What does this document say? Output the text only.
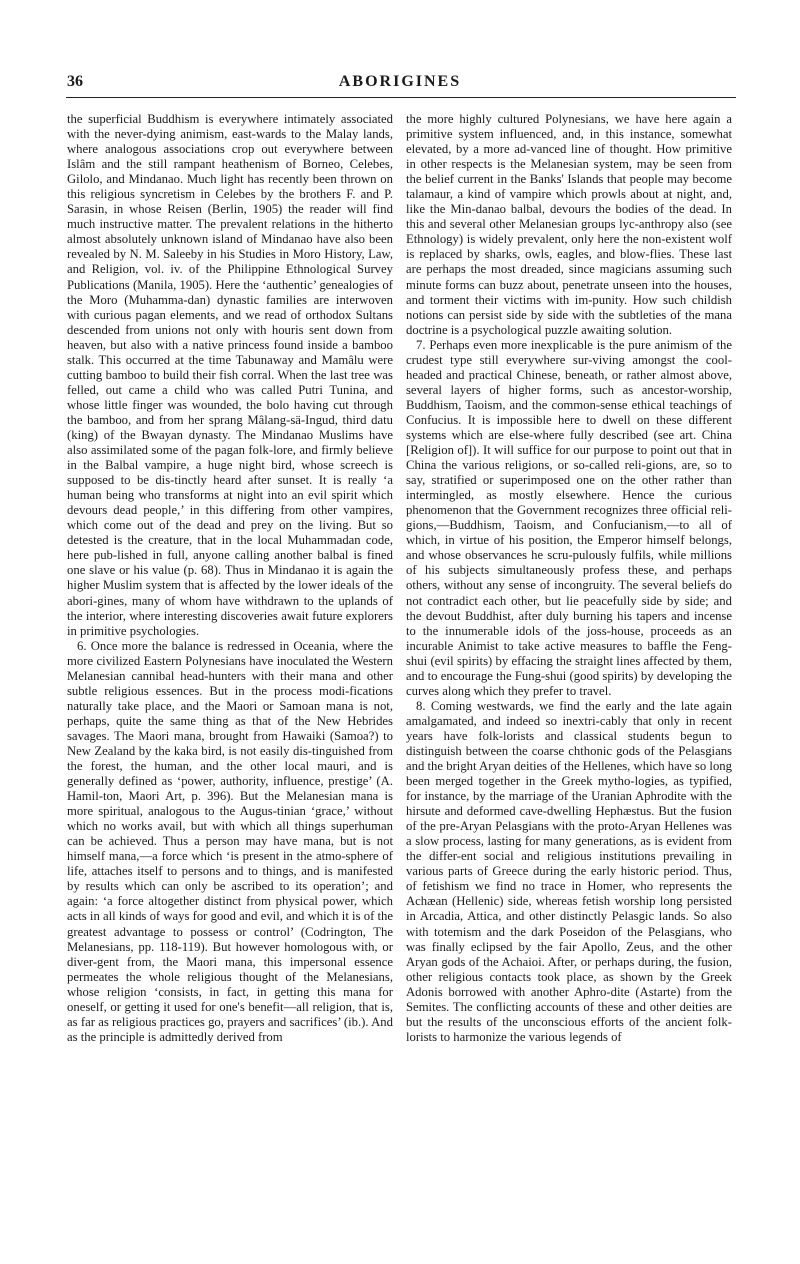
36	ABORIGINES

the superficial Buddhism is everywhere intimately associated with the never-dying animism, east-wards to the Malay lands, where analogous associations crop out everywhere between Islâm and the still rampant heathenism of Borneo, Celebes, Gilolo, and Mindanao. Much light has recently been thrown on this religious syncretism in Celebes by the brothers F. and P. Sarasin, in whose Reisen (Berlin, 1905) the reader will find much instructive matter. The prevalent relations in the hitherto almost absolutely unknown island of Mindanao have also been revealed by N. M. Saleeby in his Studies in Moro History, Law, and Religion, vol. iv. of the Philippine Ethnological Survey Publications (Manila, 1905). Here the ‘authentic’ genealogies of the Moro (Muhamma-dan) dynastic families are interwoven with curious pagan elements, and we read of orthodox Sultans descended from unions not only with houris sent down from heaven, but also with a native princess found inside a bamboo stalk. This occurred at the time Tabunaway and Mamâlu were cutting bamboo to build their fish corral. When the last tree was felled, out came a child who was called Putri Tunina, and whose little finger was wounded, the bolo having cut through the bamboo, and from her sprang Mâlang-sä-Ingud, third datu (king) of the Bwayan dynasty. The Mindanao Muslims have also assimilated some of the pagan folk-lore, and firmly believe in the Balbal vampire, a huge night bird, whose screech is supposed to be dis-tinctly heard after sunset. It is really ‘a human being who transforms at night into an evil spirit which devours dead people,’ in this differing from other vampires, which come out of the dead and prey on the living. But so detested is the creature, that in the local Muhammadan code, here pub-lished in full, anyone calling another balbal is fined one slave or his value (p. 68). Thus in Mindanao it is again the higher Muslim system that is affected by the lower ideals of the abori-gines, many of whom have withdrawn to the uplands of the interior, where interesting discoveries await future explorers in primitive psychologies.

6. Once more the balance is redressed in Oceania, where the more civilized Eastern Polynesians have inoculated the Western Melanesian cannibal head-hunters with their mana and other subtle religious essences. But in the process modi-fications naturally take place, and the Maori or Samoan mana is not, perhaps, quite the same thing as that of the New Hebrides savages. The Maori mana, brought from Hawaiki (Samoa?) to New Zealand by the kaka bird, is not easily dis-tinguished from the forest, the human, and the other local mauri, and is generally defined as ‘power, authority, influence, prestige’ (A. Hamil-ton, Maori Art, p. 396). But the Melanesian mana is more spiritual, analogous to the Augus-tinian ‘grace,’ without which no works avail, but with which all things superhuman can be achieved. Thus a person may have mana, but is not himself mana,—a force which ‘is present in the atmo-sphere of life, attaches itself to persons and to things, and is manifested by results which can only be ascribed to its operation’; and again: ‘a force altogether distinct from physical power, which acts in all kinds of ways for good and evil, and which it is of the greatest advantage to possess or control’ (Codrington, The Melanesians, pp. 118-119). But however homologous with, or diver-gent from, the Maori mana, this impersonal essence permeates the whole religious thought of the Melanesians, whose religion ‘consists, in fact, in getting this mana for oneself, or getting it used for one's benefit—all religion, that is, as far as religious practices go, prayers and sacrifices’ (ib.). And as the principle is admittedly derived from

the more highly cultured Polynesians, we have here again a primitive system influenced, and, in this instance, somewhat elevated, by a more ad-vanced line of thought. How primitive in other respects is the Melanesian system, may be seen from the belief current in the Banks' Islands that people may become talamaur, a kind of vampire which prowls about at night, and, like the Min-danao balbal, devours the bodies of the dead. In this and several other Melanesian groups lyc-anthropy also (see Ethnology) is widely prevalent, only here the non-existent wolf is replaced by sharks, owls, eagles, and blow-flies. These last are perhaps the most dreaded, since magicians assuming such minute forms can buzz about, penetrate unseen into the houses, and torment their victims with im-punity. How such childish notions can persist side by side with the subtleties of the mana doctrine is a psychological puzzle awaiting solution.

7. Perhaps even more inexplicable is the pure animism of the crudest type still everywhere sur-viving amongst the cool-headed and practical Chinese, beneath, or rather almost above, several layers of higher forms, such as ancestor-worship, Buddhism, Taoism, and the common-sense ethical teachings of Confucius. It is impossible here to dwell on these different systems which are else-where fully described (see art. China [Religion of]). It will suffice for our purpose to point out that in China the various religions, or so-called reli-gions, are, so to say, stratified or superimposed one on the other rather than intermingled, as mostly elsewhere. Hence the curious phenomenon that the Government recognizes three official reli-gions,—Buddhism, Taoism, and Confucianism,—to all of which, in virtue of his position, the Emperor himself belongs, and whose observances he scru-pulously fulfils, while millions of his subjects simultaneously profess these, and perhaps others, without any sense of incongruity. The several beliefs do not contradict each other, but lie peacefully side by side; and the devout Buddhist, after duly burning his tapers and incense to the innumerable idols of the joss-house, proceeds as an incurable Animist to take active measures to baffle the Feng-shui (evil spirits) by effacing the straight lines affected by them, and to encourage the Fung-shui (good spirits) by developing the curves along which they prefer to travel.

8. Coming westwards, we find the early and the late again amalgamated, and indeed so inextri-cably that only in recent years have folk-lorists and classical students begun to distinguish between the coarse chthonic gods of the Pelasgians and the bright Aryan deities of the Hellenes, which have so long been merged together in the Greek mytho-logies, as typified, for instance, by the marriage of the Uranian Aphrodite with the hirsute and deformed cave-dwelling Hephæstus. But the fusion of the pre-Aryan Pelasgians with the proto-Aryan Hellenes was a slow process, lasting for many generations, as is evident from the differ-ent social and religious institutions prevailing in various parts of Greece during the early historic period. Thus, of fetishism we find no trace in Homer, who represents the Achæan (Hellenic) side, whereas fetish worship long persisted in Arcadia, Attica, and other distinctly Pelasgic lands. So also with totemism and the dark Poseidon of the Pelasgians, who was finally eclipsed by the fair Apollo, Zeus, and the other Aryan gods of the Achaioi. After, or perhaps during, the fusion, other religious contacts took place, as shown by the Greek Adonis borrowed with another Aphro-dite (Astarte) from the Semites. The conflicting accounts of these and other deities are but the results of the unconscious efforts of the ancient folk-lorists to harmonize the various legends of
